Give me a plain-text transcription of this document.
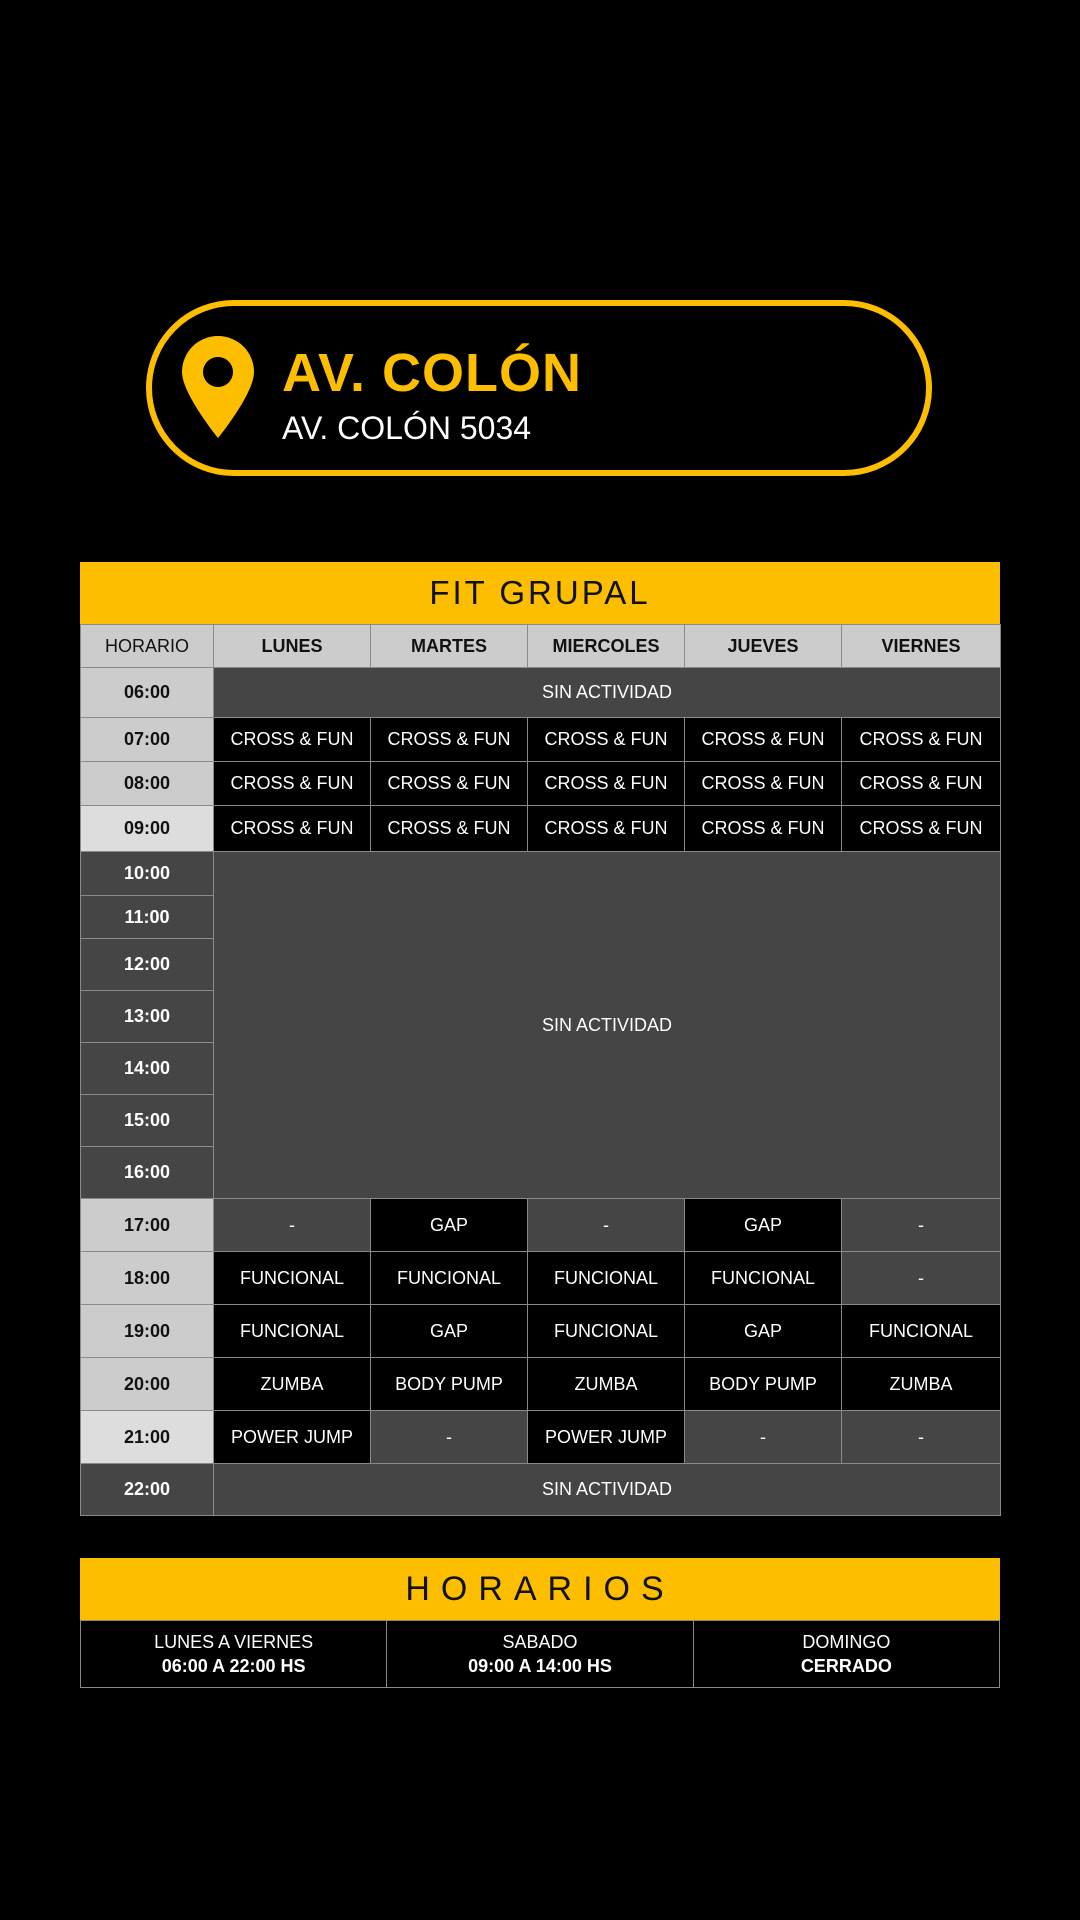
AV. COLÓN
AV. COLÓN 5034
FIT GRUPAL
HORARIO	LUNES	MARTES	MIERCOLES	JUEVES	VIERNES
06:00	SIN ACTIVIDAD				
07:00	CROSS & FUN	CROSS & FUN	CROSS & FUN	CROSS & FUN	CROSS & FUN
08:00	CROSS & FUN	CROSS & FUN	CROSS & FUN	CROSS & FUN	CROSS & FUN
09:00	CROSS & FUN	CROSS & FUN	CROSS & FUN	CROSS & FUN	CROSS & FUN
10:00	SIN ACTIVIDAD				
11:00					
12:00					
13:00					
14:00					
15:00					
16:00					
17:00	-	GAP	-	GAP	-
18:00	FUNCIONAL	FUNCIONAL	FUNCIONAL	FUNCIONAL	-
19:00	FUNCIONAL	GAP	FUNCIONAL	GAP	FUNCIONAL
20:00	ZUMBA	BODY PUMP	ZUMBA	BODY PUMP	ZUMBA
21:00	POWER JUMP	-	POWER JUMP	-	-
22:00	SIN ACTIVIDAD				
HORARIOS
LUNES A VIERNES
06:00 A 22:00 HS

SABADO
09:00 A 14:00 HS

DOMINGO
CERRADO
